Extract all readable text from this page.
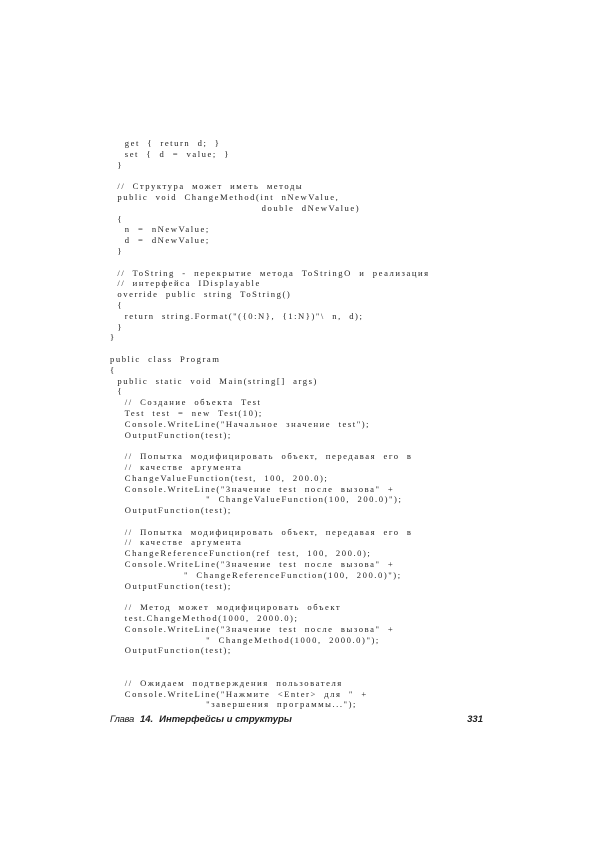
get  {  return  d;  }
set  {  d  =  value;  }
}
//  Структура  может  иметь  методы
public  void  ChangeMethod(int  nNewValue,
double  dNewValue)
{
n  =  nNewValue;
d  =  dNewValue;
}
//  ToString  -  перекрытие  метода  ToStringO  и  реализация
//  интерфейса  IDisplayable
override  public  string  ToString()
{
return  string.Format("({0:N},  {1:N})"\  n,  d);
}
}
public  class  Program
{
public  static  void  Main(string[]  args)
{
//  Создание  объекта  Test
Test  test  =  new  Test(10);
Console.WriteLine("Начальное  значение  test");
OutputFunction(test);
//  Попытка  модифицировать  объект,  передавая  его  в
//  качестве  аргумента
ChangeValueFunction(test,  100,  200.0);
Console.WriteLine("Значение  test  после  вызова"  +
"  ChangeValueFunction(100,  200.0)");
OutputFunction(test);
//  Попытка  модифицировать  объект,  передавая  его  в
//  качестве  аргумента
ChangeReferenceFunction(ref  test,  100,  200.0);
Console.WriteLine("Значение  test  после  вызова"  +
"  ChangeReferenceFunction(100,  200.0)");
OutputFunction(test);
//  Метод  может  модифицировать  объект
test.ChangeMethod(1000,  2000.0);
Console.WriteLine("Значение  test  после  вызова"  +
"  ChangeMethod(1000,  2000.0)");
OutputFunction(test);
//  Ожидаем  подтверждения  пользователя
Console.WriteLine("Нажмите  <Enter>  для  "  +
"завершения  программы...");
Глава 14. Интерфейсы и структуры	331
